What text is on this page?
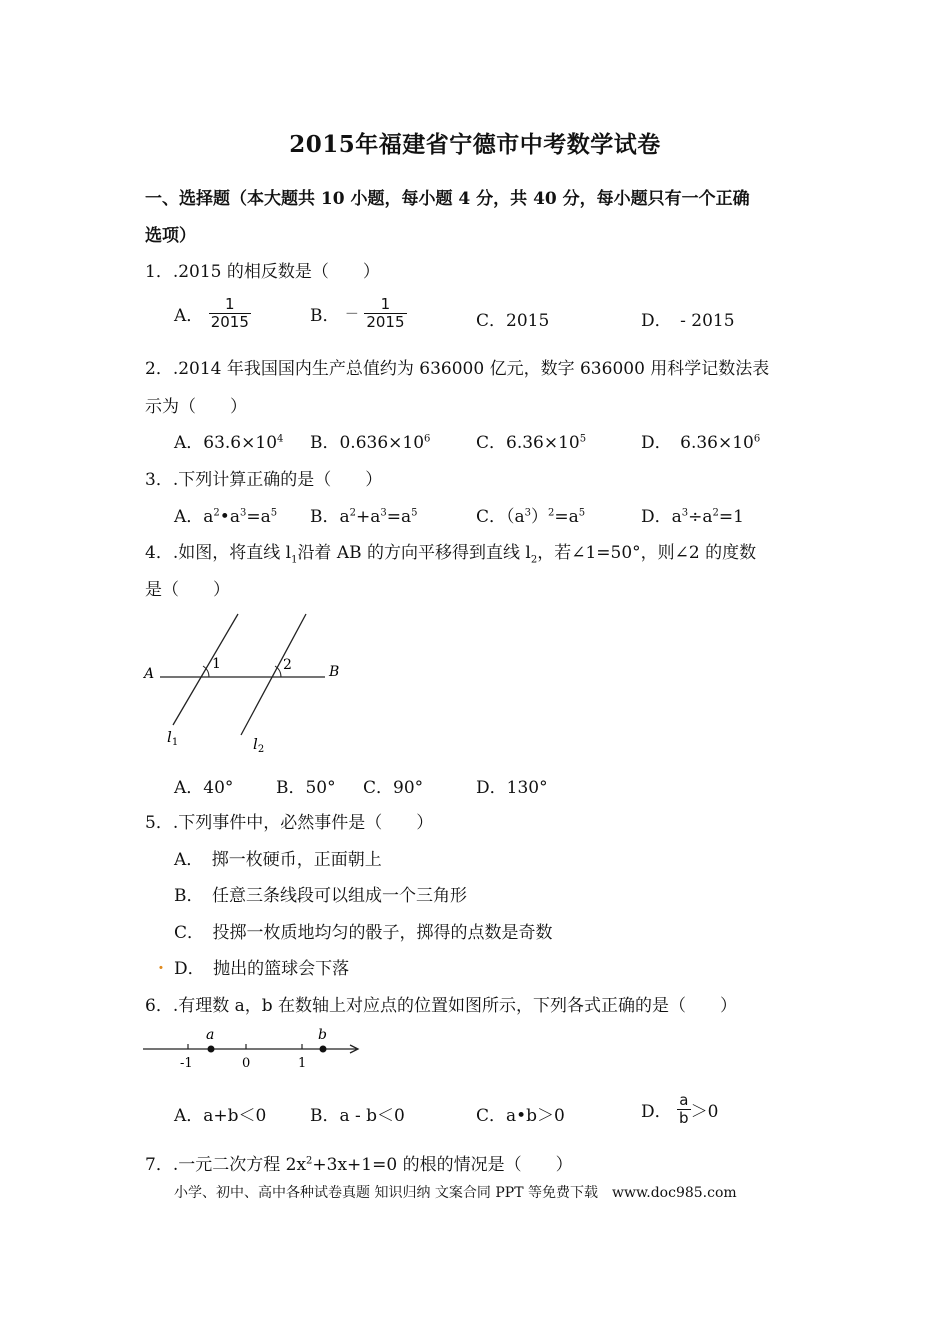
2015年福建省宁德市中考数学试卷
一、选择题（本大题共 10 小题，每小题 4 分，共 40 分，每小题只有一个正确
选项）
1．.2015 的相反数是（　　）
A． $\frac{1}{2015}$	B． － $\frac{1}{2015}$	C．2015	D．　- 2015
2．.2014 年我国国内生产总值约为 636000 亿元，数字 636000 用科学记数法表
示为（　　）
A．$63.6\times 10^4$ B．$0.636\times 10^6$	C．$6.36\times 10^5$	D．　$6.36\times 10^6$
3．.下列计算正确的是（　　）
A．$a^2•a^3=a^5$ B．$a^2+a^3=a^5$	C．$(a^3)^2=a^5$	D．$a^3\div a^2=1$
4．.如图，将直线 $l_1$沿着 AB 的方向平移得到直线 $l_2$，若∠1=50°，则∠2 的度数
是（　　）
A	B
1	2
$l_1$	$l_2$
A．40°	B．50° C．90°	D．130°
5．.下列事件中，必然事件是（　　）
A．　掷一枚硬币，正面朝上
B．　任意三条线段可以组成一个三角形
C．　投掷一枚质地均匀的骰子，掷得的点数是奇数
. D．　抛出的篮球会下落
6．.有理数 a，b 在数轴上对应点的位置如图所示，下列各式正确的是（　　）
a	b
-1	0	1
A．a+b＜0	B．a - b＜0	C．a•b＞0	D． $\frac{a}{b} >0$
7．.一元二次方程 $2x^2+3x+1=0$ 的根的情况是（　　）
小学、初中、高中各种试卷真题 知识归纳 文案合同 PPT 等免费下载　www.doc985.com
